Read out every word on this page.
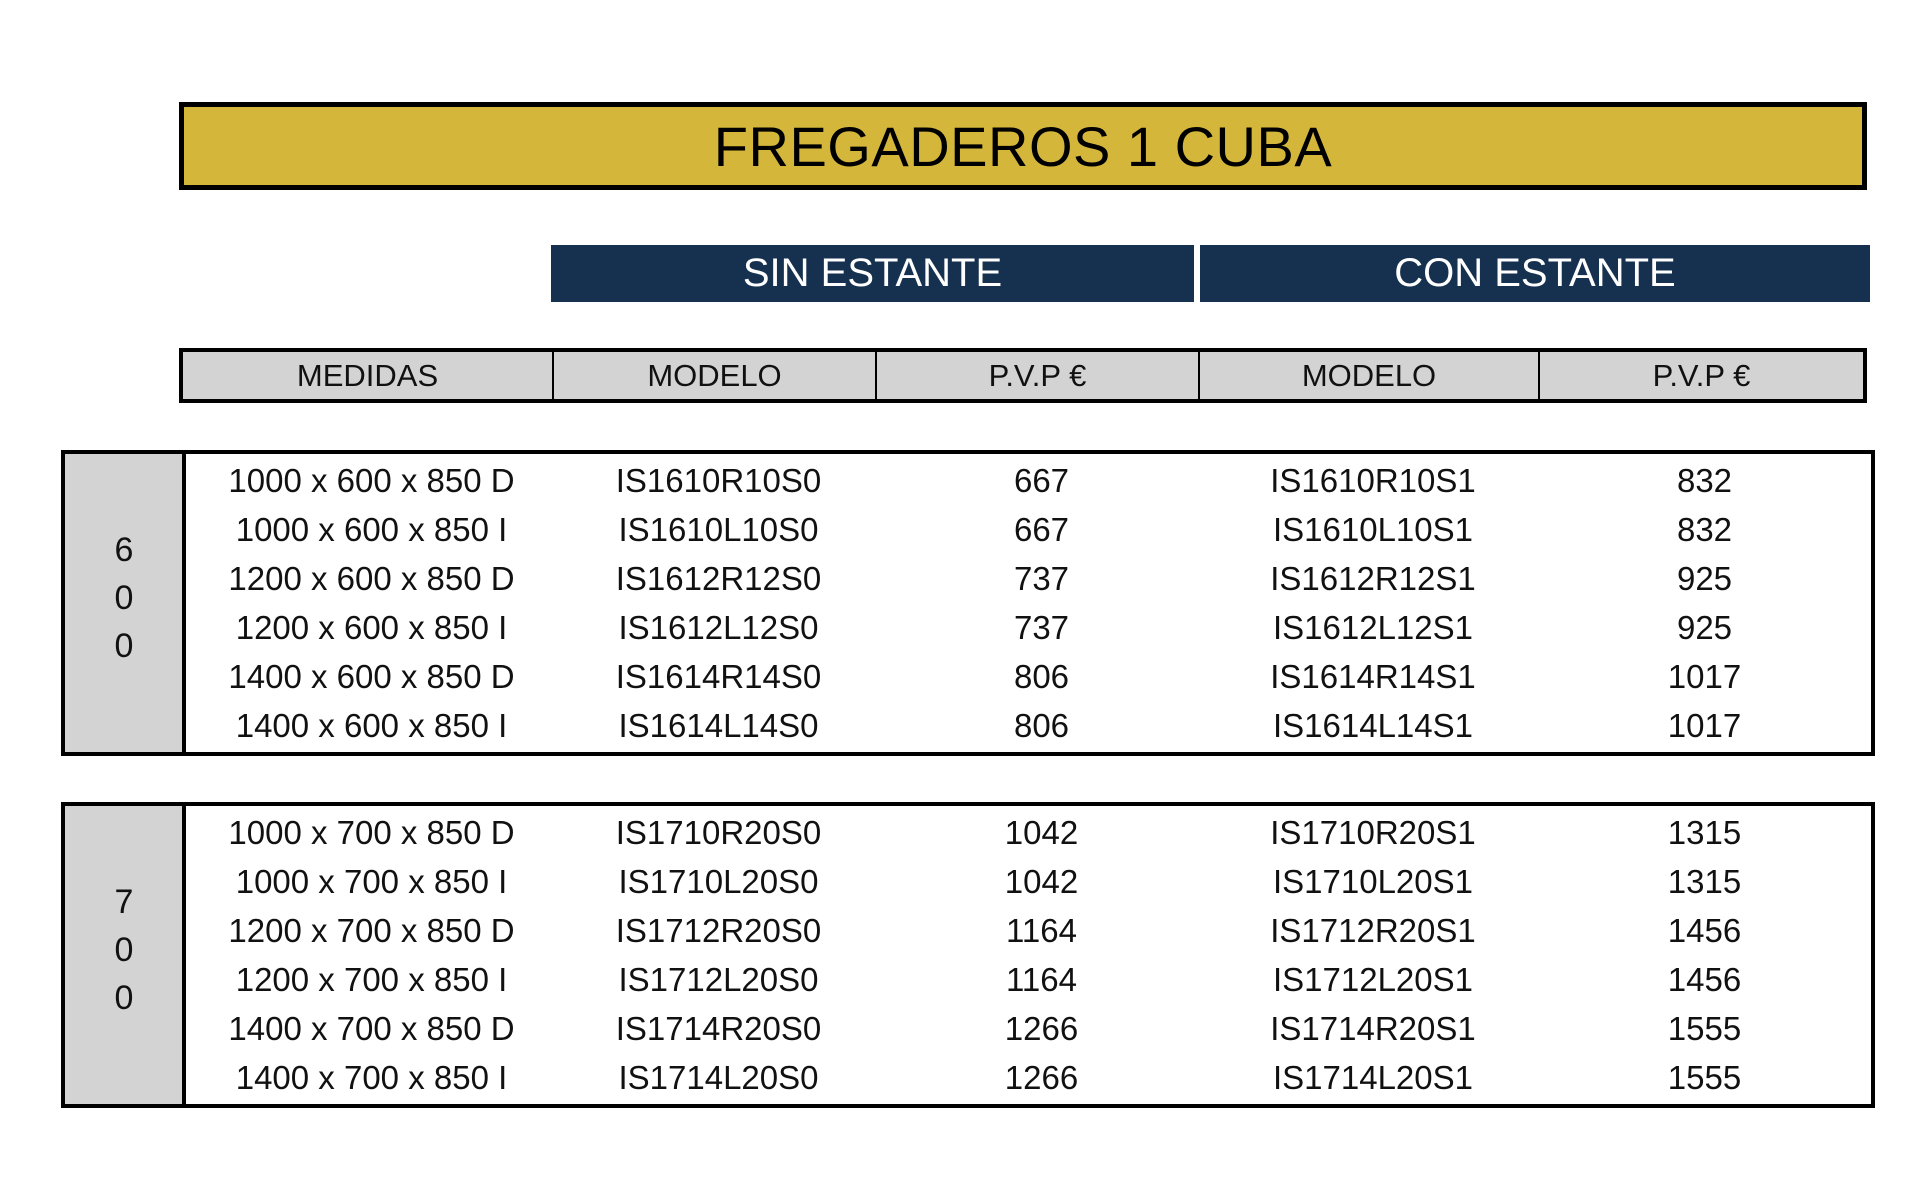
FREGADEROS 1 CUBA
SIN ESTANTE	CON ESTANTE
MEDIDAS	MODELO	P.V.P €	MODELO	P.V.P €
600
1000 x 600 x 850 D	IS1610R10S0	667	IS1610R10S1	832
1000 x 600 x 850 I	IS1610L10S0	667	IS1610L10S1	832
1200 x 600 x 850 D	IS1612R12S0	737	IS1612R12S1	925
1200 x 600 x 850 I	IS1612L12S0	737	IS1612L12S1	925
1400 x 600 x 850 D	IS1614R14S0	806	IS1614R14S1	1017
1400 x 600 x 850 I	IS1614L14S0	806	IS1614L14S1	1017
700
1000 x 700 x 850 D	IS1710R20S0	1042	IS1710R20S1	1315
1000 x 700 x 850 I	IS1710L20S0	1042	IS1710L20S1	1315
1200 x 700 x 850 D	IS1712R20S0	1164	IS1712R20S1	1456
1200 x 700 x 850 I	IS1712L20S0	1164	IS1712L20S1	1456
1400 x 700 x 850 D	IS1714R20S0	1266	IS1714R20S1	1555
1400 x 700 x 850 I	IS1714L20S0	1266	IS1714L20S1	1555
